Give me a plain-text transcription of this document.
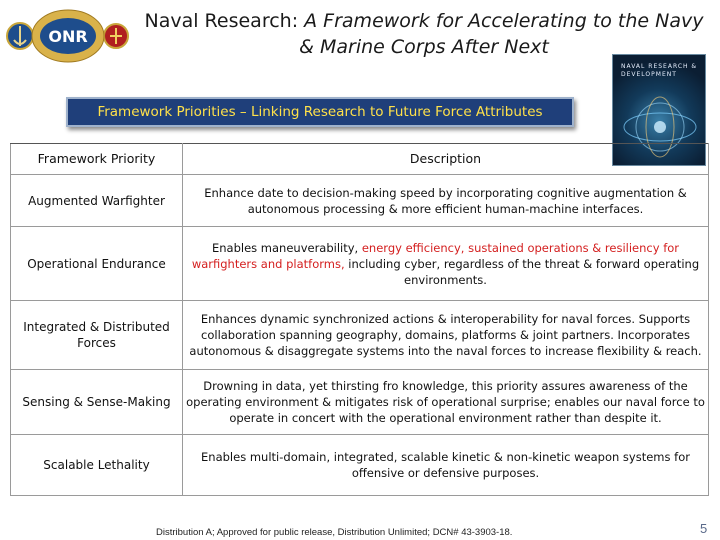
ONR
Naval Research: A Framework for Accelerating to the Navy & Marine Corps After Next
NAVAL RESEARCH & DEVELOPMENT
Framework Priorities – Linking Research to Future Force Attributes
Framework Priority	Description
Augmented Warfighter	Enhance date to decision-making speed by incorporating cognitive augmentation & autonomous processing & more efficient human-machine interfaces.
Operational Endurance	Enables maneuverability, energy efficiency, sustained operations & resiliency for warfighters and platforms, including cyber, regardless of the threat & forward operating environments.
Integrated & Distributed Forces	Enhances dynamic synchronized actions & interoperability for naval forces. Supports collaboration spanning geography, domains, platforms & joint partners. Incorporates autonomous & disaggregate systems into the naval forces to increase flexibility & reach.
Sensing & Sense-Making	Drowning in data, yet thirsting fro knowledge, this priority assures awareness of the operating environment & mitigates risk of operational surprise; enables our naval force to operate in concert with the operational environment rather than despite it.
Scalable Lethality	Enables multi-domain, integrated, scalable kinetic & non-kinetic weapon systems for offensive or defensive purposes.
Distribution A; Approved for public release, Distribution Unlimited; DCN# 43-3903-18.	5
